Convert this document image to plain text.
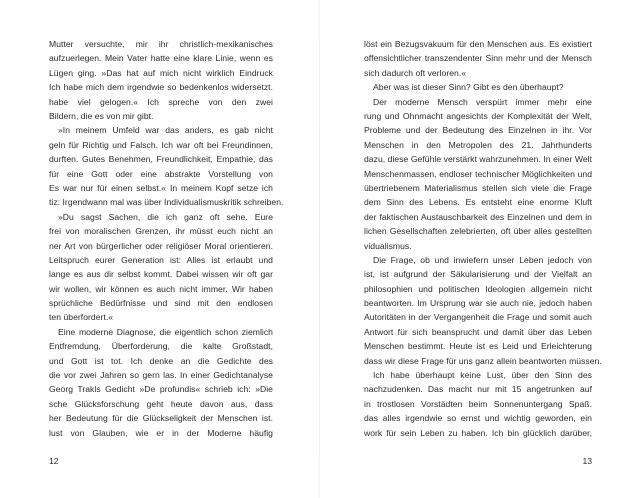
Mutter versuchte, mir ihr christlich-mexikanisches
aufzuerlegen. Mein Vater hatte eine klare Linie, wenn es
Lügen ging. »Das hat auf mich nicht wirklich Eindruck
Ich habe mich dem irgendwie so bedenkenlos widersetzt.
habe viel gelogen.« Ich spreche von den zwei
Bildern, die es von mir gibt.
»In meinem Umfeld war das anders, es gab nicht
geln für Richtig und Falsch. Ich war oft bei Freundinnen,
durften. Gutes Benehmen, Freundlichkeit, Empathie, das
für eine Gott oder eine abstrakte Vorstellung von
Es war nur für einen selbst.« In meinem Kopf setze ich
tiz: Irgendwann mal was über Individualismuskritik schreiben.
»Du sagst Sachen, die ich ganz oft sehe. Eure
frei von moralischen Grenzen, ihr müsst euch nicht an
ner Art von bürgerlicher oder religiöser Moral orientieren.
Leitspruch eurer Generation ist: Alles ist erlaubt und
lange es aus dir selbst kommt. Dabei wissen wir oft gar
wir wollen, wir können es auch nicht immer. Wir haben
sprüchliche Bedürfnisse und sind mit den endlosen
ten überfordert.«
Eine moderne Diagnose, die eigentlich schon ziemlich
Entfremdung, Überforderung, die kalte Großstadt,
und Gott ist tot. Ich denke an die Gedichte des
die vor zwei Jahren so gern las. In einer Gedichtanalyse
Georg Trakls Gedicht »De profundis« schrieb ich: »Die
sche Glücksforschung geht heute davon aus, dass
her Bedeutung für die Glückseligkeit der Menschen ist.
lust von Glauben, wie er in der Moderne häufig
12
löst ein Bezugsvakuum für den Menschen aus. Es existiert
offensichtlicher transzendenter Sinn mehr und der Mensch
sich dadurch oft verloren.«
Aber was ist dieser Sinn? Gibt es den überhaupt?
Der moderne Mensch verspürt immer mehr eine
rung und Ohnmacht angesichts der Komplexität der Welt,
Probleme und der Bedeutung des Einzelnen in ihr. Vor
Menschen in den Metropolen des 21. Jahrhunderts
dazu, diese Gefühle verstärkt wahrzunehmen. In einer Welt
Menschenmassen, endloser technischer Möglichkeiten und
übertriebenem Materialismus stellen sich viele die Frage
dem Sinn des Lebens. Es entsteht eine enorme Kluft
der faktischen Austauschbarkeit des Einzelnen und dem in
lichen Gesellschaften zelebrierten, oft über alles gestellten
vidualismus.
Die Frage, ob und inwiefern unser Leben jedoch von
ist, ist aufgrund der Säkularisierung und der Vielfalt an
philosophien und politischen Ideologien allgemein nicht
beantworten. Im Ursprung war sie auch nie, jedoch haben
Autoritäten in der Vergangenheit die Frage und somit auch
Antwort für sich beansprucht und damit über das Leben
Menschen bestimmt. Heute ist es Leid und Erleichterung
dass wir diese Frage für uns ganz allein beantworten müssen.
Ich habe überhaupt keine Lust, über den Sinn des
nachzudenken. Das macht nur mit 15 angetrunken auf
in trostlosen Vorstädten beim Sonnenuntergang Spaß.
das alles irgendwie so ernst und wichtig geworden, ein
work für sein Leben zu haben. Ich bin glücklich darüber,
13
